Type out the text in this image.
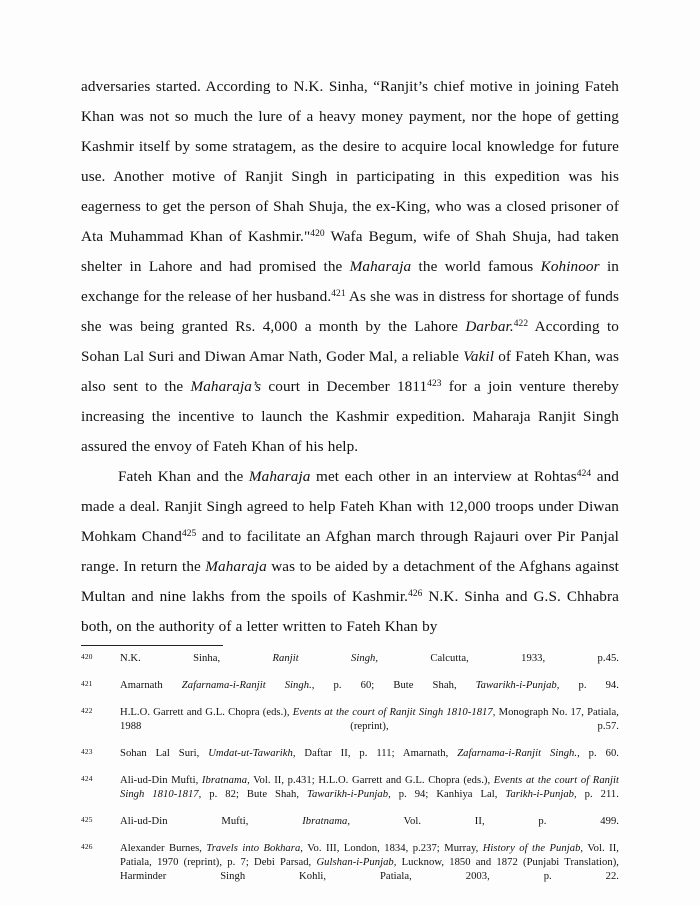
adversaries started. According to N.K. Sinha, “Ranjit’s chief motive in joining Fateh Khan was not so much the lure of a heavy money payment, nor the hope of getting Kashmir itself by some stratagem, as the desire to acquire local knowledge for future use. Another motive of Ranjit Singh in participating in this expedition was his eagerness to get the person of Shah Shuja, the ex-King, who was a closed prisoner of Ata Muhammad Khan of Kashmir."$^{420}$ Wafa Begum, wife of Shah Shuja, had taken shelter in Lahore and had promised the Maharaja the world famous Kohinoor in exchange for the release of her husband.$^{421}$ As she was in distress for shortage of funds she was being granted Rs. 4,000 a month by the Lahore Darbar.$^{422}$ According to Sohan Lal Suri and Diwan Amar Nath, Goder Mal, a reliable Vakil of Fateh Khan, was also sent to the Maharaja’s court in December 1811$^{423}$ for a join venture thereby increasing the incentive to launch the Kashmir expedition. Maharaja Ranjit Singh assured the envoy of Fateh Khan of his help.

Fateh Khan and the Maharaja met each other in an interview at Rohtas$^{424}$ and made a deal. Ranjit Singh agreed to help Fateh Khan with 12,000 troops under Diwan Mohkam Chand$^{425}$ and to facilitate an Afghan march through Rajauri over Pir Panjal range. In return the Maharaja was to be aided by a detachment of the Afghans against Multan and nine lakhs from the spoils of Kashmir.$^{426}$ N.K. Sinha and G.S. Chhabra both, on the authority of a letter written to Fateh Khan by

420	N.K. Sinha, Ranjit Singh, Calcutta, 1933, p.45.
421	Amarnath Zafarnama-i-Ranjit Singh., p. 60; Bute Shah, Tawarikh-i-Punjab, p. 94.
422	H.L.O. Garrett and G.L. Chopra (eds.), Events at the court of Ranjit Singh 1810-1817, Monograph No. 17, Patiala, 1988 (reprint), p.57.
423	Sohan Lal Suri, Umdat-ut-Tawarikh, Daftar II, p. 111; Amarnath, Zafarnama-i-Ranjit Singh., p. 60.
424	Ali-ud-Din Mufti, Ibratnama, Vol. II, p.431; H.L.O. Garrett and G.L. Chopra (eds.), Events at the court of Ranjit Singh 1810-1817, p. 82; Bute Shah, Tawarikh-i-Punjab, p. 94; Kanhiya Lal, Tarikh-i-Punjab, p. 211.
425	Ali-ud-Din Mufti, Ibratnama, Vol. II, p. 499.
426	Alexander Burnes, Travels into Bokhara, Vo. III, London, 1834, p.237; Murray, History of the Punjab, Vol. II, Patiala, 1970 (reprint), p. 7; Debi Parsad, Gulshan-i-Punjab, Lucknow, 1850 and 1872 (Punjabi Translation), Harminder Singh Kohli, Patiala, 2003, p. 22.
